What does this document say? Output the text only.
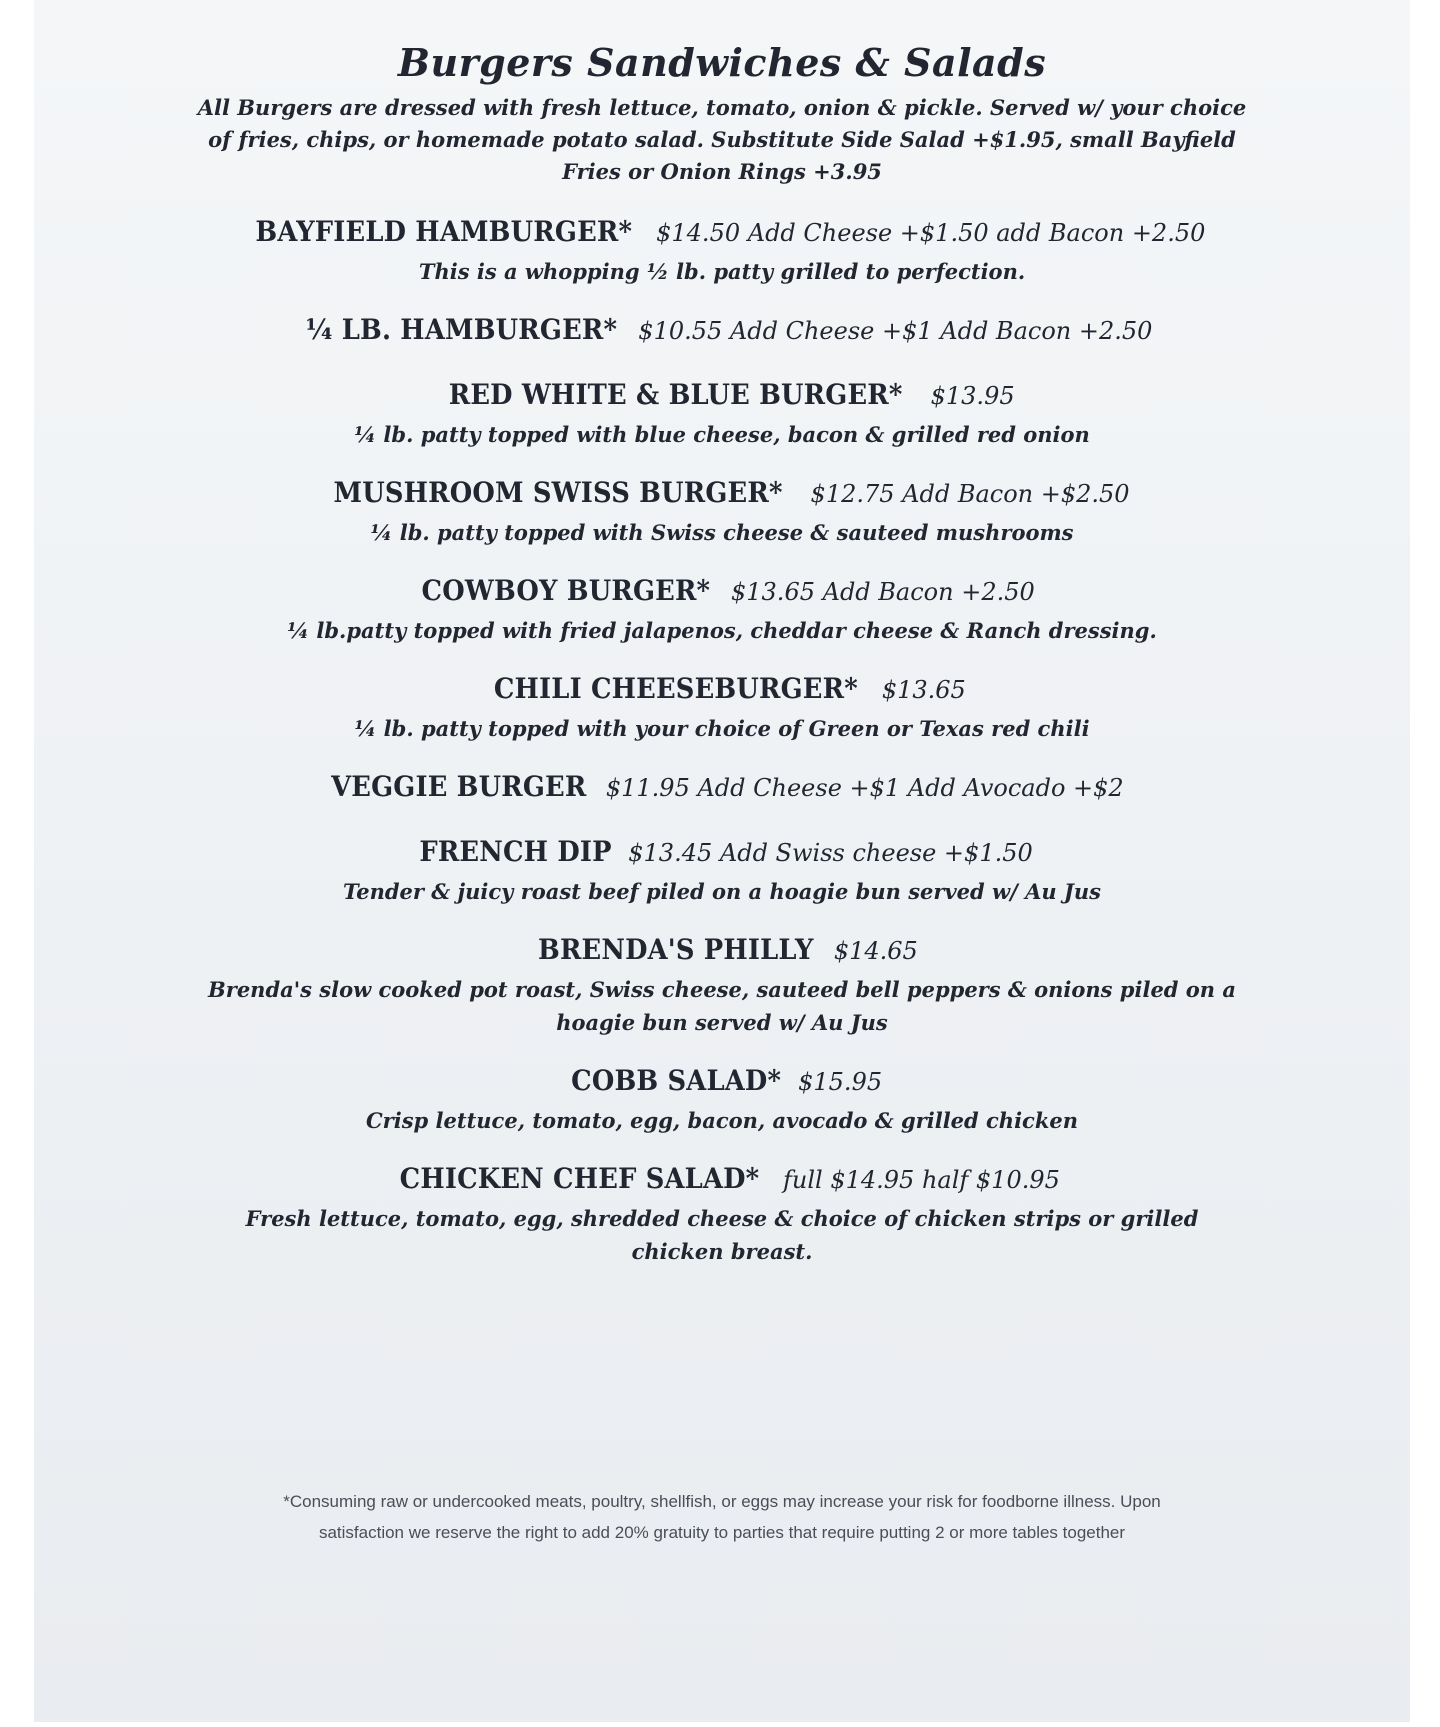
Burgers Sandwiches & Salads
All Burgers are dressed with fresh lettuce, tomato, onion & pickle. Served w/ your choice of fries, chips, or homemade potato salad. Substitute Side Salad +$1.95, small Bayfield Fries or Onion Rings +3.95
BAYFIELD HAMBURGER* $14.50 Add Cheese +$1.50 add Bacon +2.50
This is a whopping ½ lb. patty grilled to perfection.
¼ LB. HAMBURGER* $10.55 Add Cheese +$1 Add Bacon +2.50
RED WHITE & BLUE BURGER* $13.95
¼ lb. patty topped with blue cheese, bacon & grilled red onion
MUSHROOM SWISS BURGER* $12.75 Add Bacon +$2.50
¼ lb. patty topped with Swiss cheese & sauteed mushrooms
COWBOY BURGER* $13.65 Add Bacon +2.50
¼ lb.patty topped with fried jalapenos, cheddar cheese & Ranch dressing.
CHILI CHEESEBURGER* $13.65
¼ lb. patty topped with your choice of Green or Texas red chili
VEGGIE BURGER $11.95 Add Cheese +$1 Add Avocado +$2
FRENCH DIP $13.45 Add Swiss cheese +$1.50
Tender & juicy roast beef piled on a hoagie bun served w/ Au Jus
BRENDA'S PHILLY $14.65
Brenda's slow cooked pot roast, Swiss cheese, sauteed bell peppers & onions piled on a hoagie bun served w/ Au Jus
COBB SALAD* $15.95
Crisp lettuce, tomato, egg, bacon, avocado & grilled chicken
CHICKEN CHEF SALAD* full $14.95 half $10.95
Fresh lettuce, tomato, egg, shredded cheese & choice of chicken strips or grilled chicken breast.
*Consuming raw or undercooked meats, poultry, shellfish, or eggs may increase your risk for foodborne illness. Upon
satisfaction we reserve the right to add 20% gratuity to parties that require putting 2 or more tables together
